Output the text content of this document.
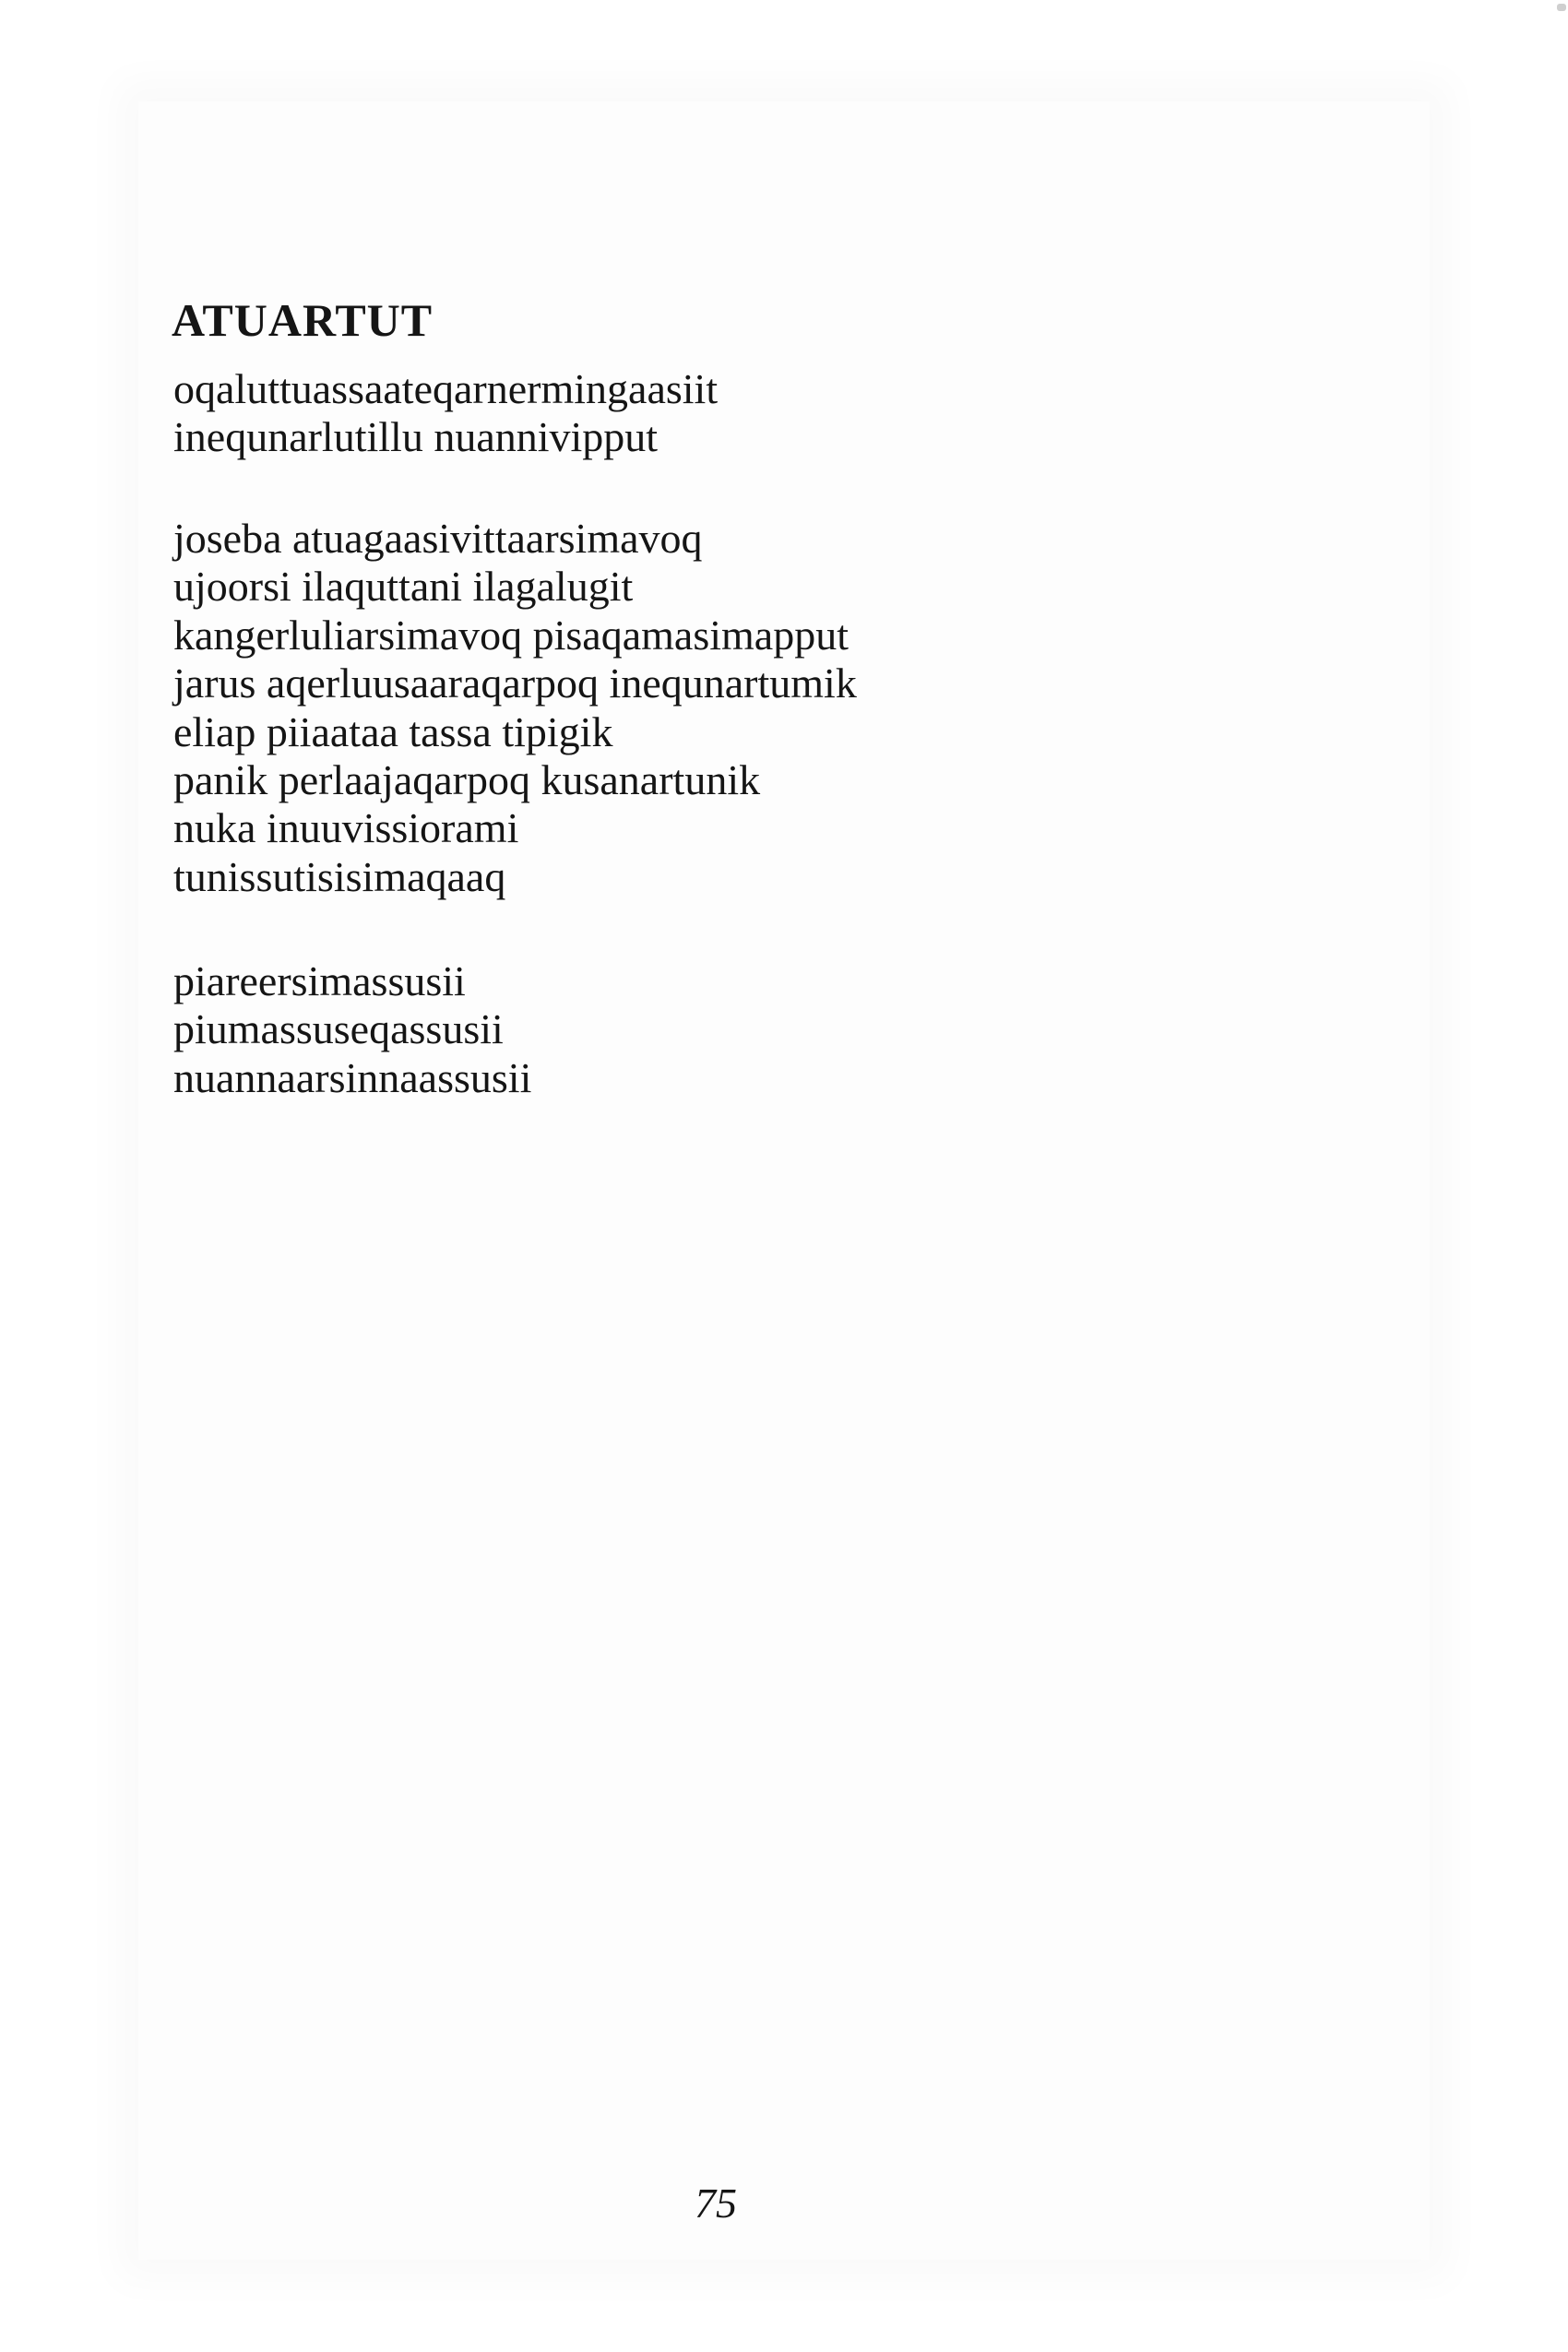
ATUARTUT
oqaluttuassaateqarnermingaasiit
inequnarlutillu nuannivipput
joseba atuagaasivittaarsimavoq
ujoorsi ilaquttani ilagalugit
kangerluliarsimavoq pisaqamasimapput
jarus aqerluusaaraqarpoq inequnartumik
eliap piiaataa tassa tipigik
panik perlaajaqarpoq kusanartunik
nuka inuuvissiorami
tunissutisisimaqaaq
piareersimassusii
piumassuseqassusii
nuannaarsinnaassusii
75
